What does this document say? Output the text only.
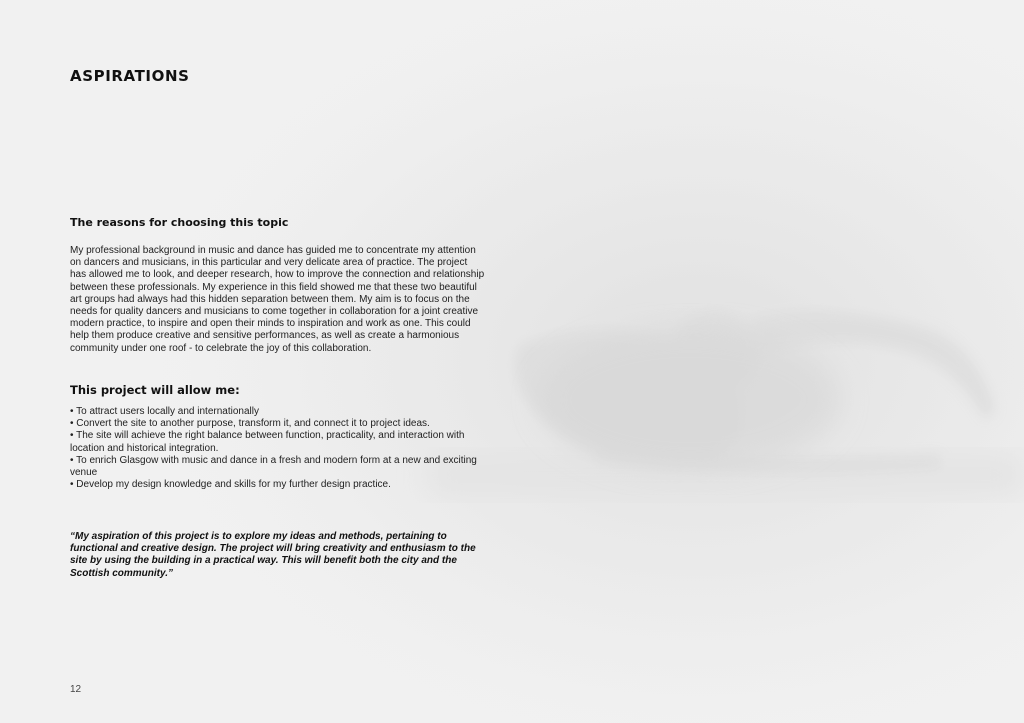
ASPIRATIONS
The reasons for choosing this topic

My professional background in music and dance has guided me to concentrate my attention on dancers and musicians, in this particular and very delicate area of practice. The project has allowed me to look, and deeper research, how to improve the connection and relationship between these professionals. My experience in this field showed me that these two beautiful art groups had always had this hidden separation between them. My aim is to focus on the needs for quality dancers and musicians to come together in collaboration for a joint creative modern practice, to inspire and open their minds to inspiration and work as one. This could help them produce creative and sensitive performances, as well as create a harmonious community under one roof - to celebrate the joy of this collaboration.

This project will allow me:
• To attract users locally and internationally
• Convert the site to another purpose, transform it, and connect it to project ideas.
• The site will achieve the right balance between function, practicality, and interaction with location and historical integration.
• To enrich Glasgow with music and dance in a fresh and modern form at a new and exciting venue
• Develop my design knowledge and skills for my further design practice.

“My aspiration of this project is to explore my ideas and methods, pertaining to functional and creative design. The project will bring creativity and enthusiasm to the site by using the building in a practical way. This will benefit both the city and the Scottish community.”

12
